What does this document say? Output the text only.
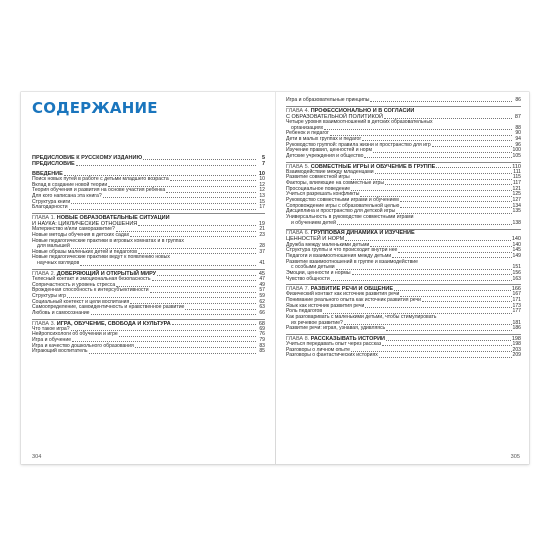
СОДЕРЖАНИЕ
ПРЕДИСЛОВИЕ К РУССКОМУ ИЗДАНИЮ	5
ПРЕДИСЛОВИЕ	7
ВВЕДЕНИЕ	10
Поиск новых путей в работе с детьми младшего возраста	10
Вклад в создание новой теории	12
Теория обучения и развития на основе участия ребенка	12
Для кого написана эта книга?	13
Структура книги	15
Благодарности	17
ГЛАВА 1. НОВЫЕ ОБРАЗОВАТЕЛЬНЫЕ СИТУАЦИИ
И НАУКА: ЦИКЛИЧЕСКИЕ ОТНОШЕНИЯ	19
Материнство и/или саморазвитие?	21
Новые методы обучения в детских садах	23
Новые педагогические практики в игровых комнатах и в группах
для малышей	28
Новые образы маленьких детей и педагогов	37
Новые педагогические практики ведут к появлению новых
научных взглядов	41
ГЛАВА 2. ДОВЕРЯЮЩИЙ И ОТКРЫТЫЙ МИРУ	45
Телесный контакт и эмоциональная безопасность	47
Сопричастность и уровень стресса	49
Врожденная способность к интерсубъективности	57
Структуры игр	59
Социальный контекст и цели воспитания	62
Самоопределение, самоидентичность и нравственное развитие	63
Любовь и самосознание	66
ГЛАВА 3. ИГРА, ОБУЧЕНИЕ, СВОБОДА И КУЛЬТУРА	68
Что такое игра?	69
Нейропсихологи об обучении и игре	76
Игра и обучение	79
Игра и качество дошкольного образования	83
Играющий воспитатель	85
304
Игра и образовательные принципы	86
ГЛАВА 4. ПРОФЕССИОНАЛЬНО И В СОГЛАСИИ
С ОБРАЗОВАТЕЛЬНОЙ ПОЛИТИКОЙ	87
Четыре уровня взаимоотношений в детских образовательных
организациях	88
Ребенок и педагог	90
Дети в малых группах и педагог	94
Руководство группой: правила жизни и пространство для игр	96
Изучение правил, ценностей и норм	100
Детские учреждения и общество	105
ГЛАВА 5. СОВМЕСТНЫЕ ИГРЫ И ОБУЧЕНИЕ В ГРУППЕ	110
Взаимодействие между младенцами	111
Развитие совместной игры	115
Факторы, влияющие на совместные игры	117
Просоциальное поведение	121
Учиться разрешать конфликты	125
Руководство совместными играми и обучением	127
Сопровождение игры с образовательной целью	134
Дисциплина и пространство для детской игры	135
Универсальность в руководстве совместными играми
и обучением детей	138
ГЛАВА 6. ГРУППОВАЯ ДИНАМИКА И ИЗУЧЕНИЕ
ЦЕННОСТЕЙ И НОРМ	140
Дружба между маленькими детьми	140
Структура группы и что происходит внутри нее	145
Педагоги и взаимоотношения между детьми	149
Развитие взаимоотношений в группе и взаимодействие
с особыми детьми	151
Эмоции, ценности и нормы	156
Чувство общности	163
ГЛАВА 7. РАЗВИТИЕ РЕЧИ И ОБЩЕНИЕ	166
Физический контакт как источник развития речи	167
Понимание реального опыта как источник развития речи	171
Язык как источник развития речи	173
Роль педагогов	177
Как разговаривать с маленькими детьми, чтобы стимулировать
их речевое развитие?	181
Развитие речи: играя, узнавая, удивляясь	186
ГЛАВА 8. РАССКАЗЫВАТЬ ИСТОРИИ	198
Учиться передавать опыт через рассказ	198
Разговоры о личном опыте	203
Разговоры о фантастических историях	209
305
